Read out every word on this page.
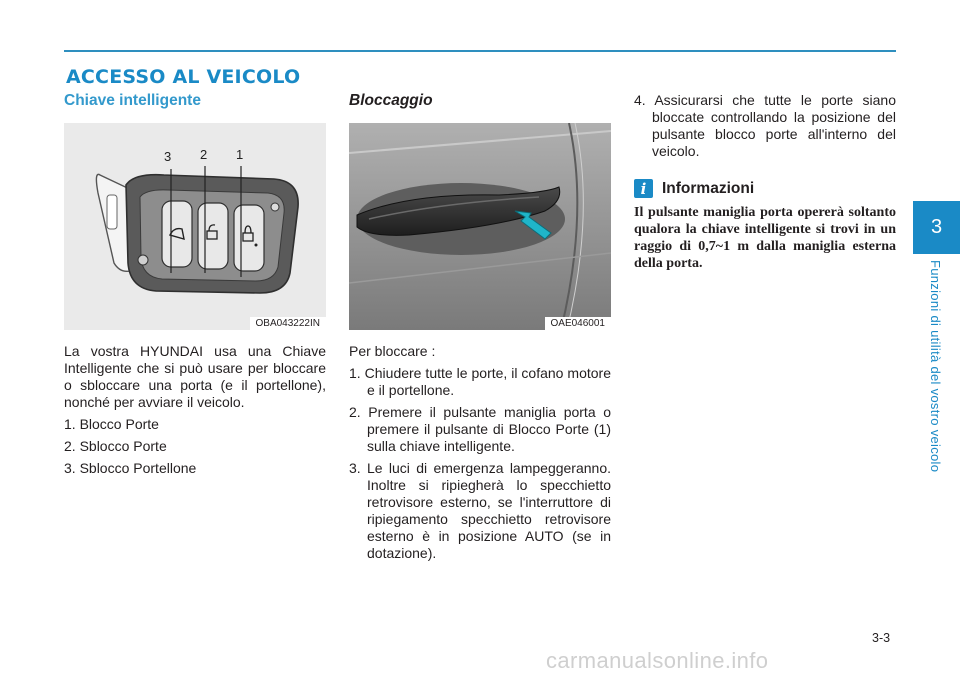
ACCESSO AL VEICOLO
Chiave intelligente
3 2 1
OBA043222IN

La vostra HYUNDAI usa una Chiave Intelligente che si può usare per bloccare o sbloccare una porta (e il portellone), nonché per avviare il veicolo.

1. Blocco Porte
2. Sblocco Porte
3. Sblocco Portellone
Bloccaggio
OAE046001

Per bloccare :

1. Chiudere tutte le porte, il cofano motore e il portellone.
2. Premere il pulsante maniglia porta o premere il pulsante di Blocco Porte (1) sulla chiave intelligente.
3. Le luci di emergenza lampeggeranno. Inoltre si ripiegherà lo specchietto retrovisore esterno, se l'interruttore di ripiegamento specchietto retrovisore esterno è in posizione AUTO (se in dotazione).
4. Assicurarsi che tutte le porte siano bloccate controllando la posizione del pulsante blocco porte all'interno del veicolo.
i	Informazioni

Il pulsante maniglia porta opererà soltanto qualora la chiave intelligente si trovi in un raggio di 0,7~1 m dalla maniglia esterna della porta.

3
Funzioni di utilità del vostro veicolo
3-3
carmanualsonline.info
